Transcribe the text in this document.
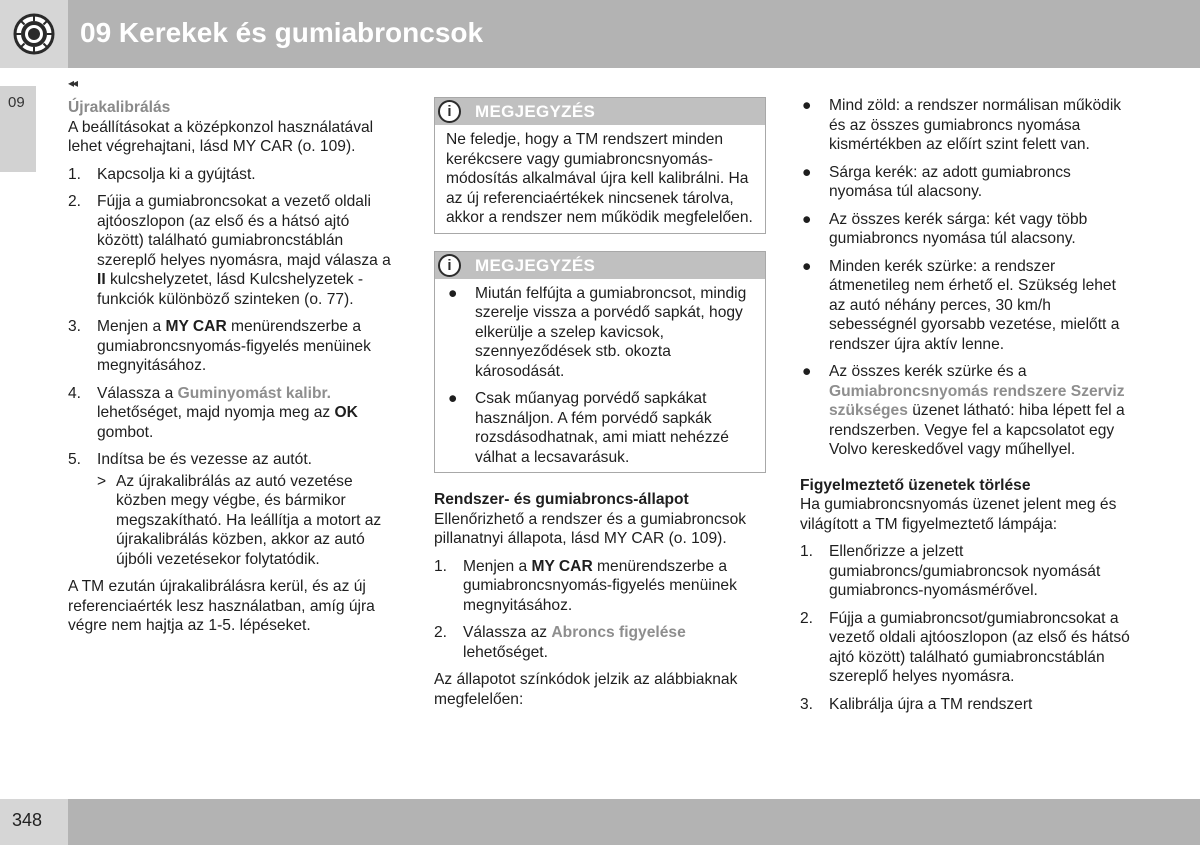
09 Kerekek és gumiabroncsok
09
◂◂
Újrakalibrálás

A beállításokat a középkonzol használatával lehet végrehajtani, lásd MY CAR (o. 109).

1. Kapcsolja ki a gyújtást.
2. Fújja a gumiabroncsokat a vezető oldali ajtóoszlopon (az első és a hátsó ajtó között) található gumiabroncstáblán szereplő helyes nyomásra, majd válasza a II kulcshelyzetet, lásd Kulcshelyzetek - funkciók különböző szinteken (o. 77).
3. Menjen a MY CAR menürendszerbe a gumiabroncsnyomás-figyelés menüinek megnyitásához.
4. Válassza a Guminyomást kalibr. lehetőséget, majd nyomja meg az OK gombot.
5. Indítsa be és vezesse az autót.
> Az újrakalibrálás az autó vezetése közben megy végbe, és bármikor megszakítható. Ha leállítja a motort az újrakalibrálás közben, akkor az autó újbóli vezetésekor folytatódik.

A TM ezután újrakalibrálásra kerül, és az új referenciaérték lesz használatban, amíg újra végre nem hajtja az 1-5. lépéseket.

i
MEGJEGYZÉS

Ne feledje, hogy a TM rendszert minden kerékcsere vagy gumiabroncsnyomás-módosítás alkalmával újra kell kalibrálni. Ha az új referenciaértékek nincsenek tárolva, akkor a rendszer nem működik megfelelően.

i
MEGJEGYZÉS
● Miután felfújta a gumiabroncsot, mindig szerelje vissza a porvédő sapkát, hogy elkerülje a szelep kavicsok, szennyeződések stb. okozta károsodását.
● Csak műanyag porvédő sapkákat használjon. A fém porvédő sapkák rozsdásodhatnak, ami miatt nehézzé válhat a lecsavarásuk.
Rendszer- és gumiabroncs-állapot

Ellenőrizhető a rendszer és a gumiabroncsok pillanatnyi állapota, lásd MY CAR (o. 109).

1. Menjen a MY CAR menürendszerbe a gumiabroncsnyomás-figyelés menüinek megnyitásához.
2. Válassza az Abroncs figyelése lehetőséget.

Az állapotot színkódok jelzik az alábbiaknak megfelelően:

● Mind zöld: a rendszer normálisan működik és az összes gumiabroncs nyomása kismértékben az előírt szint felett van.
● Sárga kerék: az adott gumiabroncs nyomása túl alacsony.
● Az összes kerék sárga: két vagy több gumiabroncs nyomása túl alacsony.
● Minden kerék szürke: a rendszer átmenetileg nem érhető el. Szükség lehet az autó néhány perces, 30 km/h sebességnél gyorsabb vezetése, mielőtt a rendszer újra aktív lenne.
● Az összes kerék szürke és a Gumiabroncsnyomás rendszere Szerviz szükséges üzenet látható: hiba lépett fel a rendszerben. Vegye fel a kapcsolatot egy Volvo kereskedővel vagy műhellyel.
Figyelmeztető üzenetek törlése

Ha gumiabroncsnyomás üzenet jelent meg és világított a TM figyelmeztető lámpája:

1. Ellenőrizze a jelzett gumiabroncs/gumiabroncsok nyomását gumiabroncs-nyomásmérővel.
2. Fújja a gumiabroncsot/gumiabroncsokat a vezető oldali ajtóoszlopon (az első és hátsó ajtó között) található gumiabroncstáblán szereplő helyes nyomásra.
3. Kalibrálja újra a TM rendszert
348
